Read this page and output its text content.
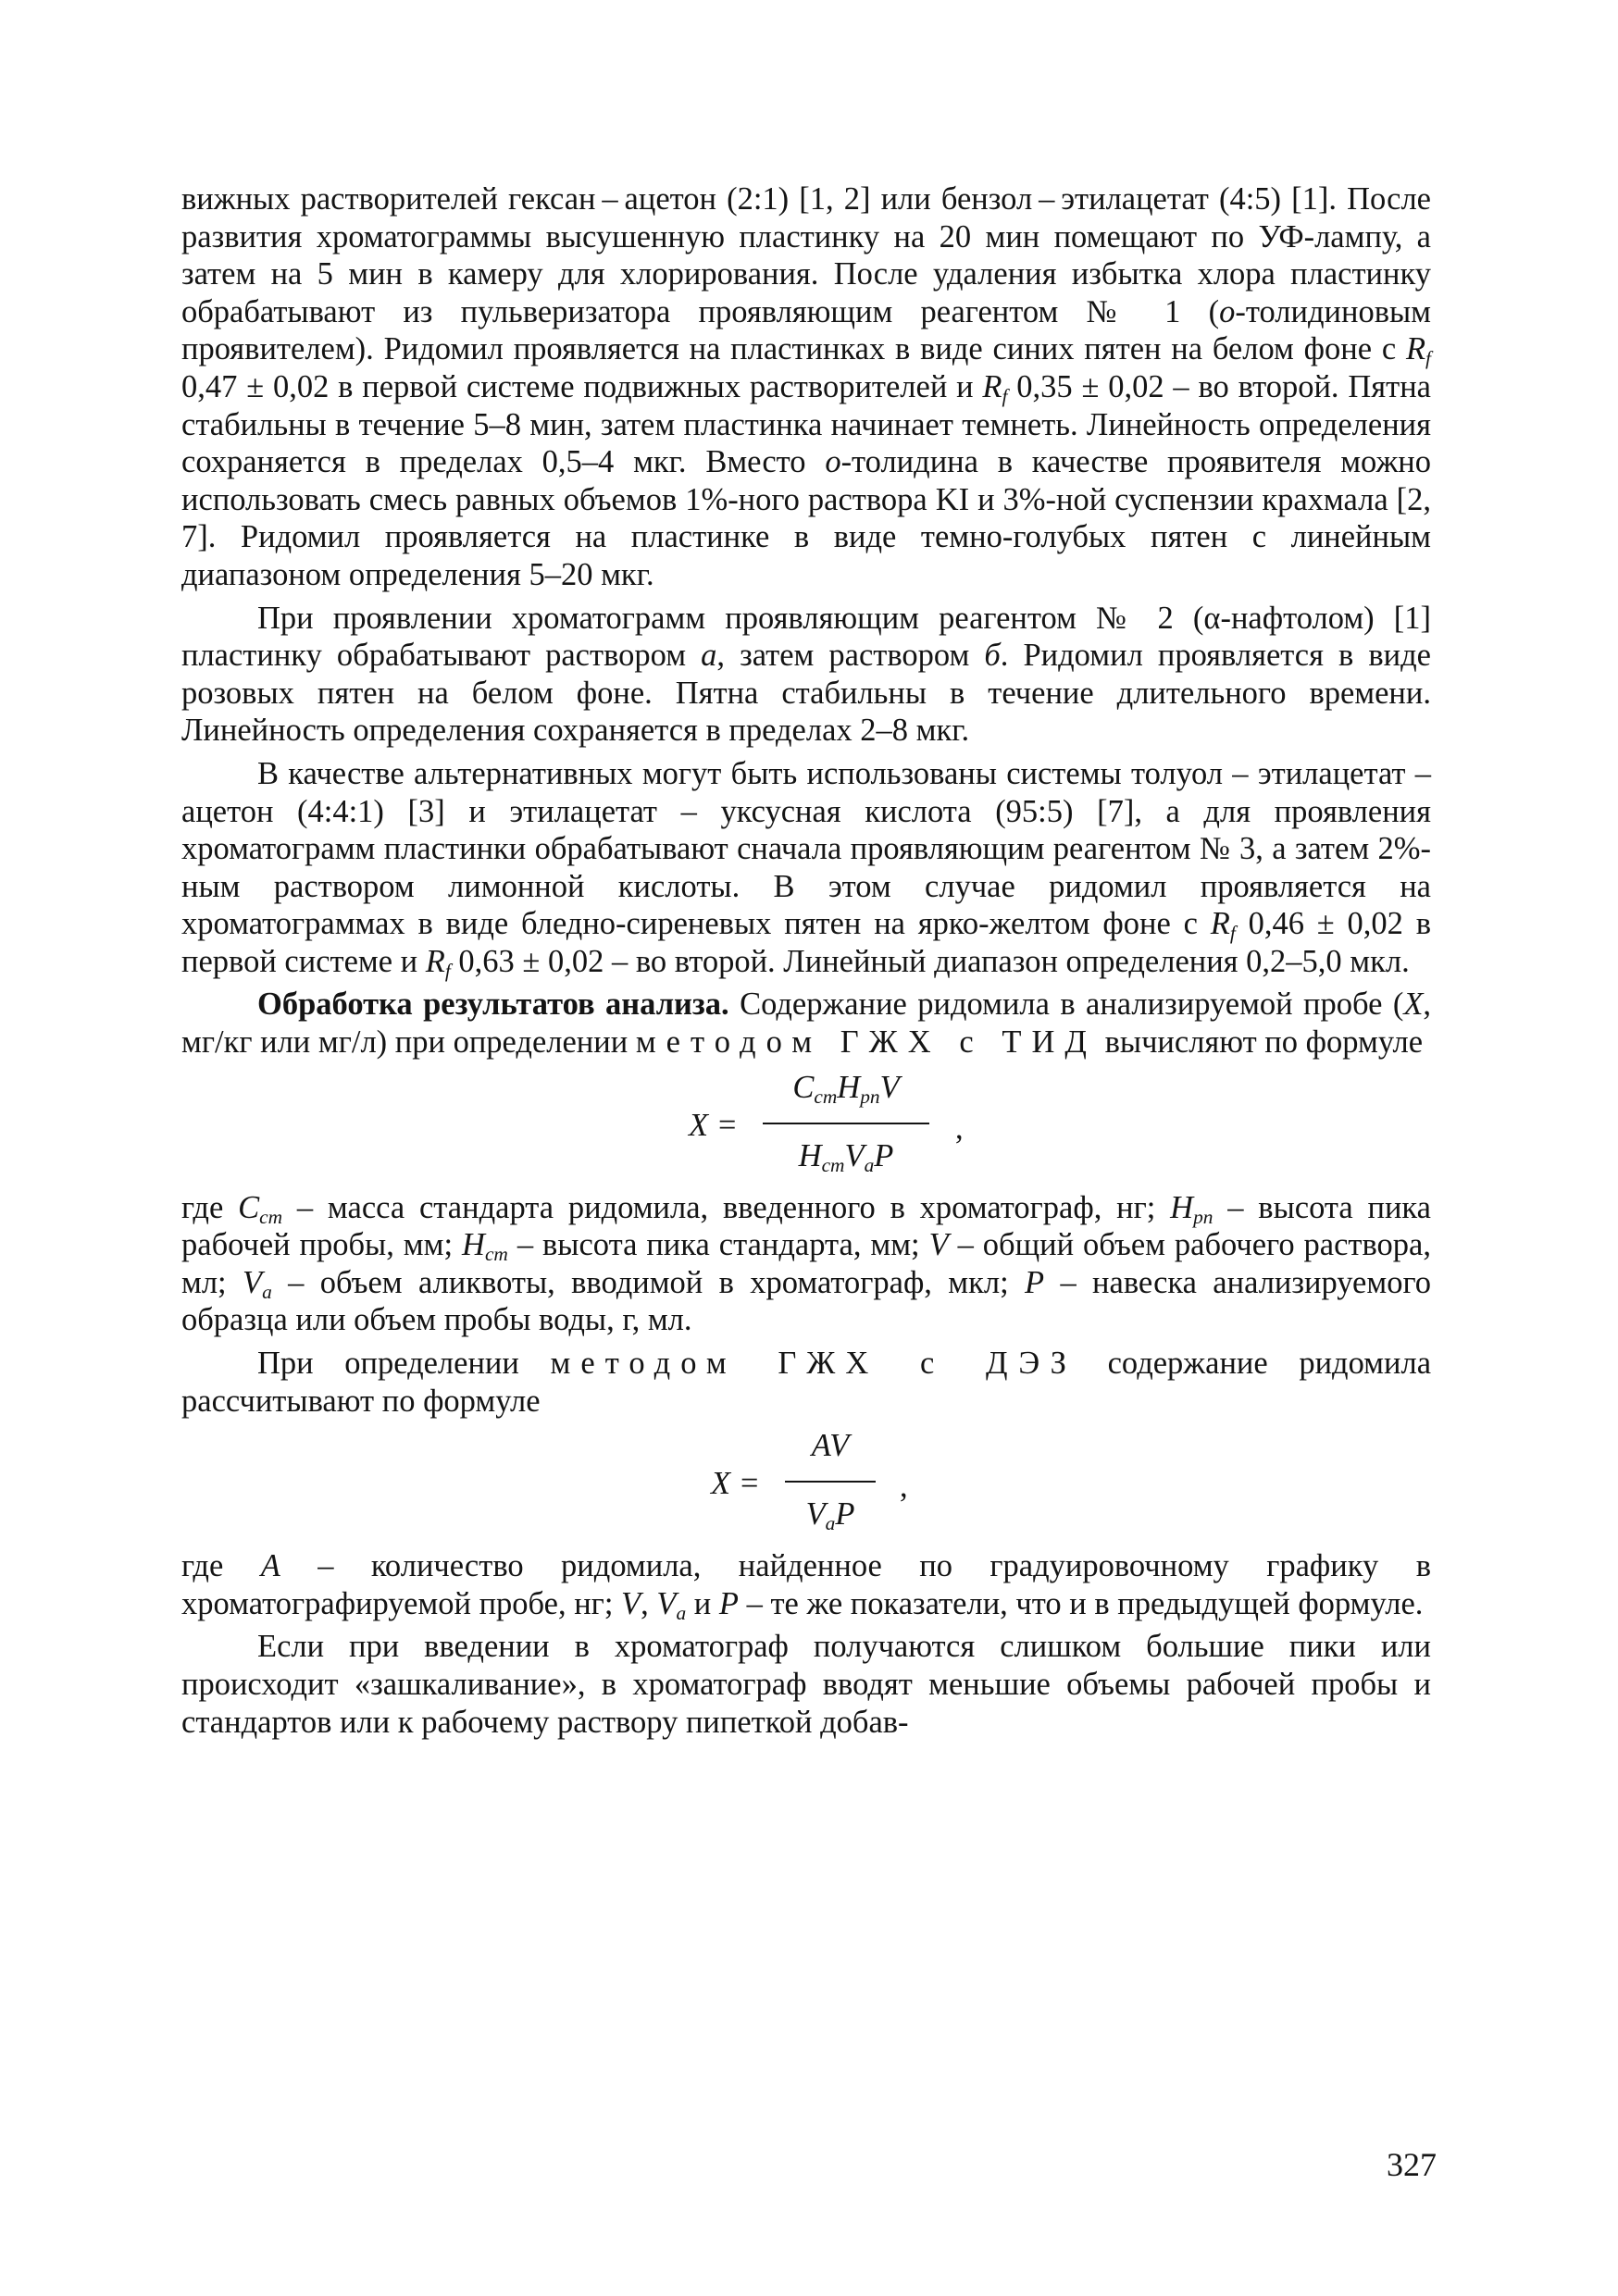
вижных растворителей гексан – ацетон (2:1) [1, 2] или бензол – этилацетат (4:5) [1]. После развития хроматограммы высушенную пластинку на 20 мин помещают по УФ-лампу, а затем на 5 мин в камеру для хлорирования. После удаления избытка хлора пластинку обрабатывают из пульверизатора проявляющим реагентом № 1 (о-толидиновым проявителем). Ридомил проявляется на пластинках в виде синих пятен на белом фоне с $R_f$ 0,47 ± 0,02 в первой системе подвижных растворителей и $R_f$ 0,35 ± 0,02 – во второй. Пятна стабильны в течение 5–8 мин, затем пластинка начинает темнеть. Линейность определения сохраняется в пределах 0,5–4 мкг. Вместо о-толидина в качестве проявителя можно использовать смесь равных объемов 1%-ного раствора KI и 3%-ной суспензии крахмала [2, 7]. Ридомил проявляется на пластинке в виде темно-голубых пятен с линейным диапазоном определения 5–20 мкг.

При проявлении хроматограмм проявляющим реагентом № 2 (α-нафтолом) [1] пластинку обрабатывают раствором а, затем раствором б. Ридомил проявляется в виде розовых пятен на белом фоне. Пятна стабильны в течение длительного времени. Линейность определения сохраняется в пределах 2–8 мкг.

В качестве альтернативных могут быть использованы системы толуол – этилацетат – ацетон (4:4:1) [3] и этилацетат – уксусная кислота (95:5) [7], а для проявления хроматограмм пластинки обрабатывают сначала проявляющим реагентом № 3, а затем 2%-ным раствором лимонной кислоты. В этом случае ридомил проявляется на хроматограммах в виде бледно-сиреневых пятен на ярко-желтом фоне с $R_f$ 0,46 ± 0,02 в первой системе и $R_f$ 0,63 ± 0,02 – во второй. Линейный диапазон определения 0,2–5,0 мкл.

Обработка результатов анализа. Содержание ридомила в анализируемой пробе (X, мг/кг или мг/л) при определении методом ГЖХ с ТИД вычисляют по формуле

X =
$C_{ст}H_{рп}V$
$H_{ст}V_аP$
,

где $C_{ст}$ – масса стандарта ридомила, введенного в хроматограф, нг; $H_{рп}$ – высота пика рабочей пробы, мм; $H_{ст}$ – высота пика стандарта, мм; V – общий объем рабочего раствора, мл; $V_а$ – объем аликвоты, вводимой в хроматограф, мкл; P – навеска анализируемого образца или объем пробы воды, г, мл.

При определении методом ГЖХ с ДЭЗ содержание ридомила рассчитывают по формуле

X =
AV
$V_аP$
,

где A – количество ридомила, найденное по градуировочному графику в хроматографируемой пробе, нг; V, $V_а$ и P – те же показатели, что и в предыдущей формуле.

Если при введении в хроматограф получаются слишком большие пики или происходит «зашкаливание», в хроматограф вводят меньшие объемы рабочей пробы и стандартов или к рабочему раствору пипеткой добав-

327
